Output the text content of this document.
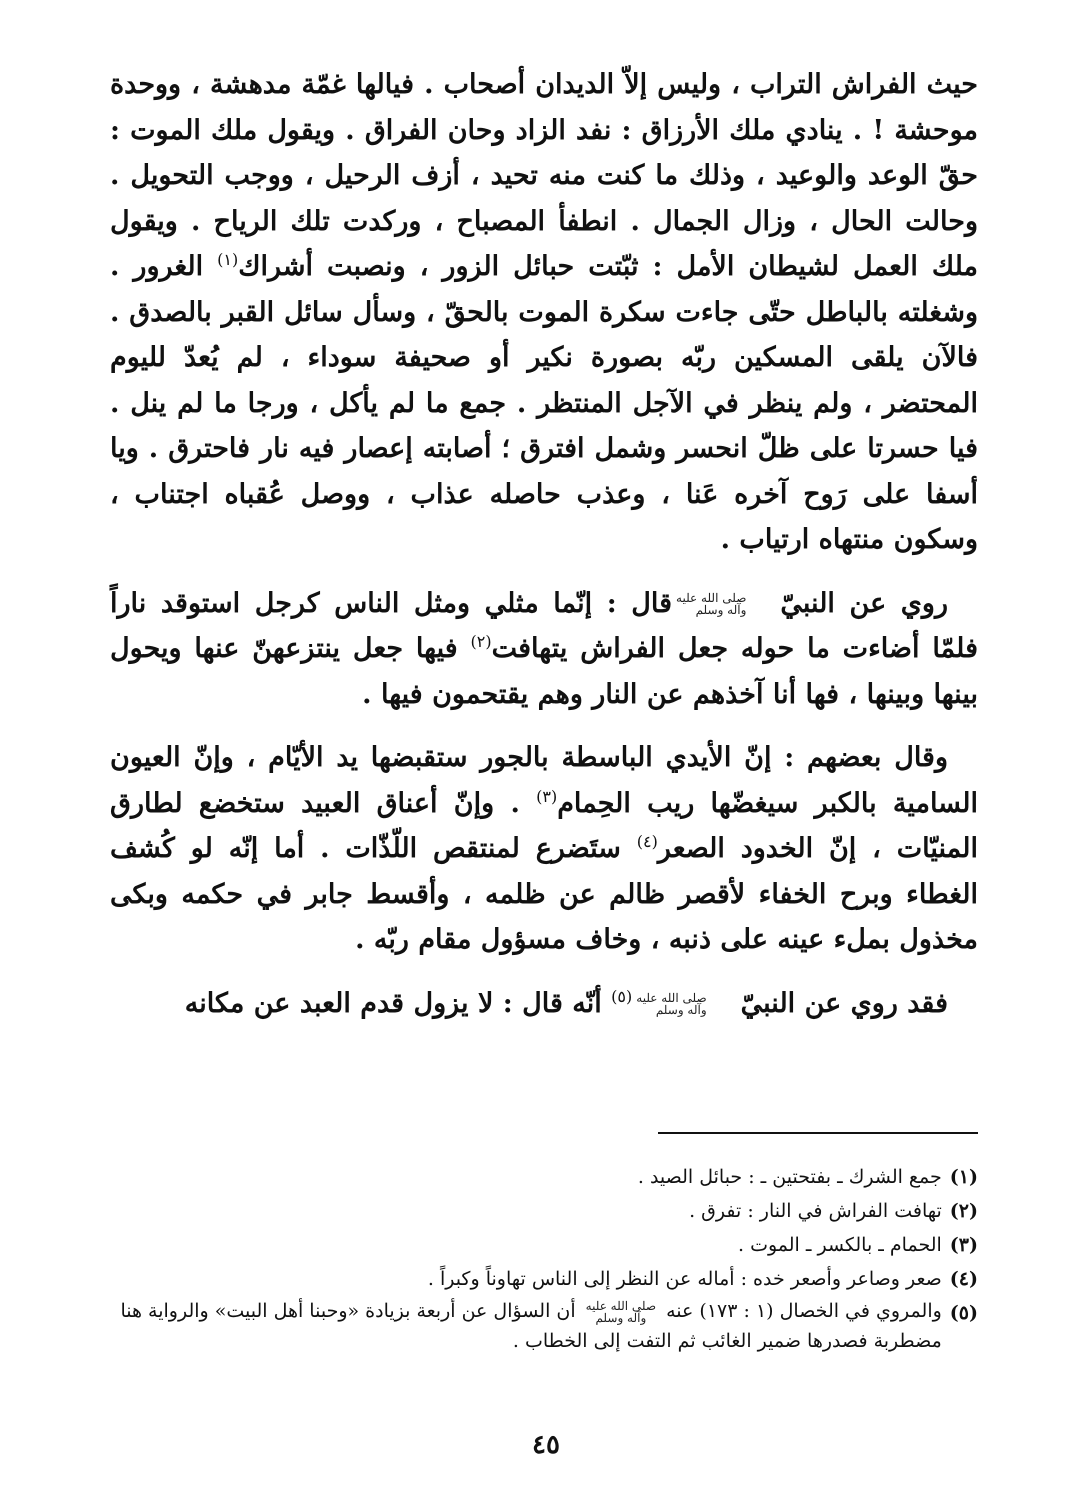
حيث الفراش التراب ، وليس إلاّ الديدان أصحاب . فيالها غمّة مدهشة ، ووحدة موحشة ! . ينادي ملك الأرزاق : نفد الزاد وحان الفراق . ويقول ملك الموت : حقّ الوعد والوعيد ، وذلك ما كنت منه تحيد ، أزف الرحيل ، ووجب التحويل . وحالت الحال ، وزال الجمال . انطفأ المصباح ، وركدت تلك الرياح . ويقول ملك العمل لشيطان الأمل : ثبّتت حبائل الزور ، ونصبت أشراك$^{(١)}$ الغرور . وشغلته بالباطل حتّى جاءت سكرة الموت بالحقّ ، وسأل سائل القبر بالصدق . فالآن يلقى المسكين ربّه بصورة نكير أو صحيفة سوداء ، لم يُعدّ لليوم المحتضر ، ولم ينظر في الآجل المنتظر . جمع ما لم يأكل ، ورجا ما لم ينل . فيا حسرتا على ظلّ انحسر وشمل افترق ؛ أصابته إعصار فيه نار فاحترق . ويا أسفا على رَوح آخره عَنا ، وعذب حاصله عذاب ، ووصل عُقباه اجتناب ، وسكون منتهاه ارتياب .

روي عن النبيّ
صلى الله عليه
وآله وسلم
قال : إنّما مثلي ومثل الناس كرجل استوقد ناراً فلمّا أضاءت ما حوله جعل الفراش يتهافت$^{(٢)}$ فيها جعل ينتزعهنّ عنها ويحول بينها وبينها ، فها أنا آخذهم عن النار وهم يقتحمون فيها .

وقال بعضهم : إنّ الأيدي الباسطة بالجور ستقبضها يد الأيّام ، وإنّ العيون السامية بالكبر سيغضّها ريب الحِمام$^{(٣)}$ . وإنّ أعناق العبيد ستخضع لطارق المنيّات ، إنّ الخدود الصعر$^{(٤)}$ ستَضرع لمنتقص اللّذّات . أما إنّه لو كُشف الغطاء وبرح الخفاء لأقصر ظالم عن ظلمه ، وأقسط جابر في حكمه وبكى مخذول بملء عينه على ذنبه ، وخاف مسؤول مقام ربّه .

فقد روي عن النبيّ
صلى الله عليه
وآله وسلم
$^{(٥)}$ أنّه قال : لا يزول قدم العبد عن مكانه

(١)
جمع الشرك ـ بفتحتين ـ : حبائل الصيد .
(٢)
تهافت الفراش في النار : تفرق .
(٣)
الحمام ـ بالكسر ـ الموت .
(٤)
صعر وصاعر وأصعر خده : أماله عن النظر إلى الناس تهاوناً وكبراً .
(٥)
والمروي في الخصال (١ : ١٧٣) عنه
صلى الله عليه
وآله وسلم
أن السؤال عن أربعة بزيادة «وحبنا أهل البيت» والرواية هنا مضطربة فصدرها ضمير الغائب ثم التفت إلى الخطاب .
٤٥
